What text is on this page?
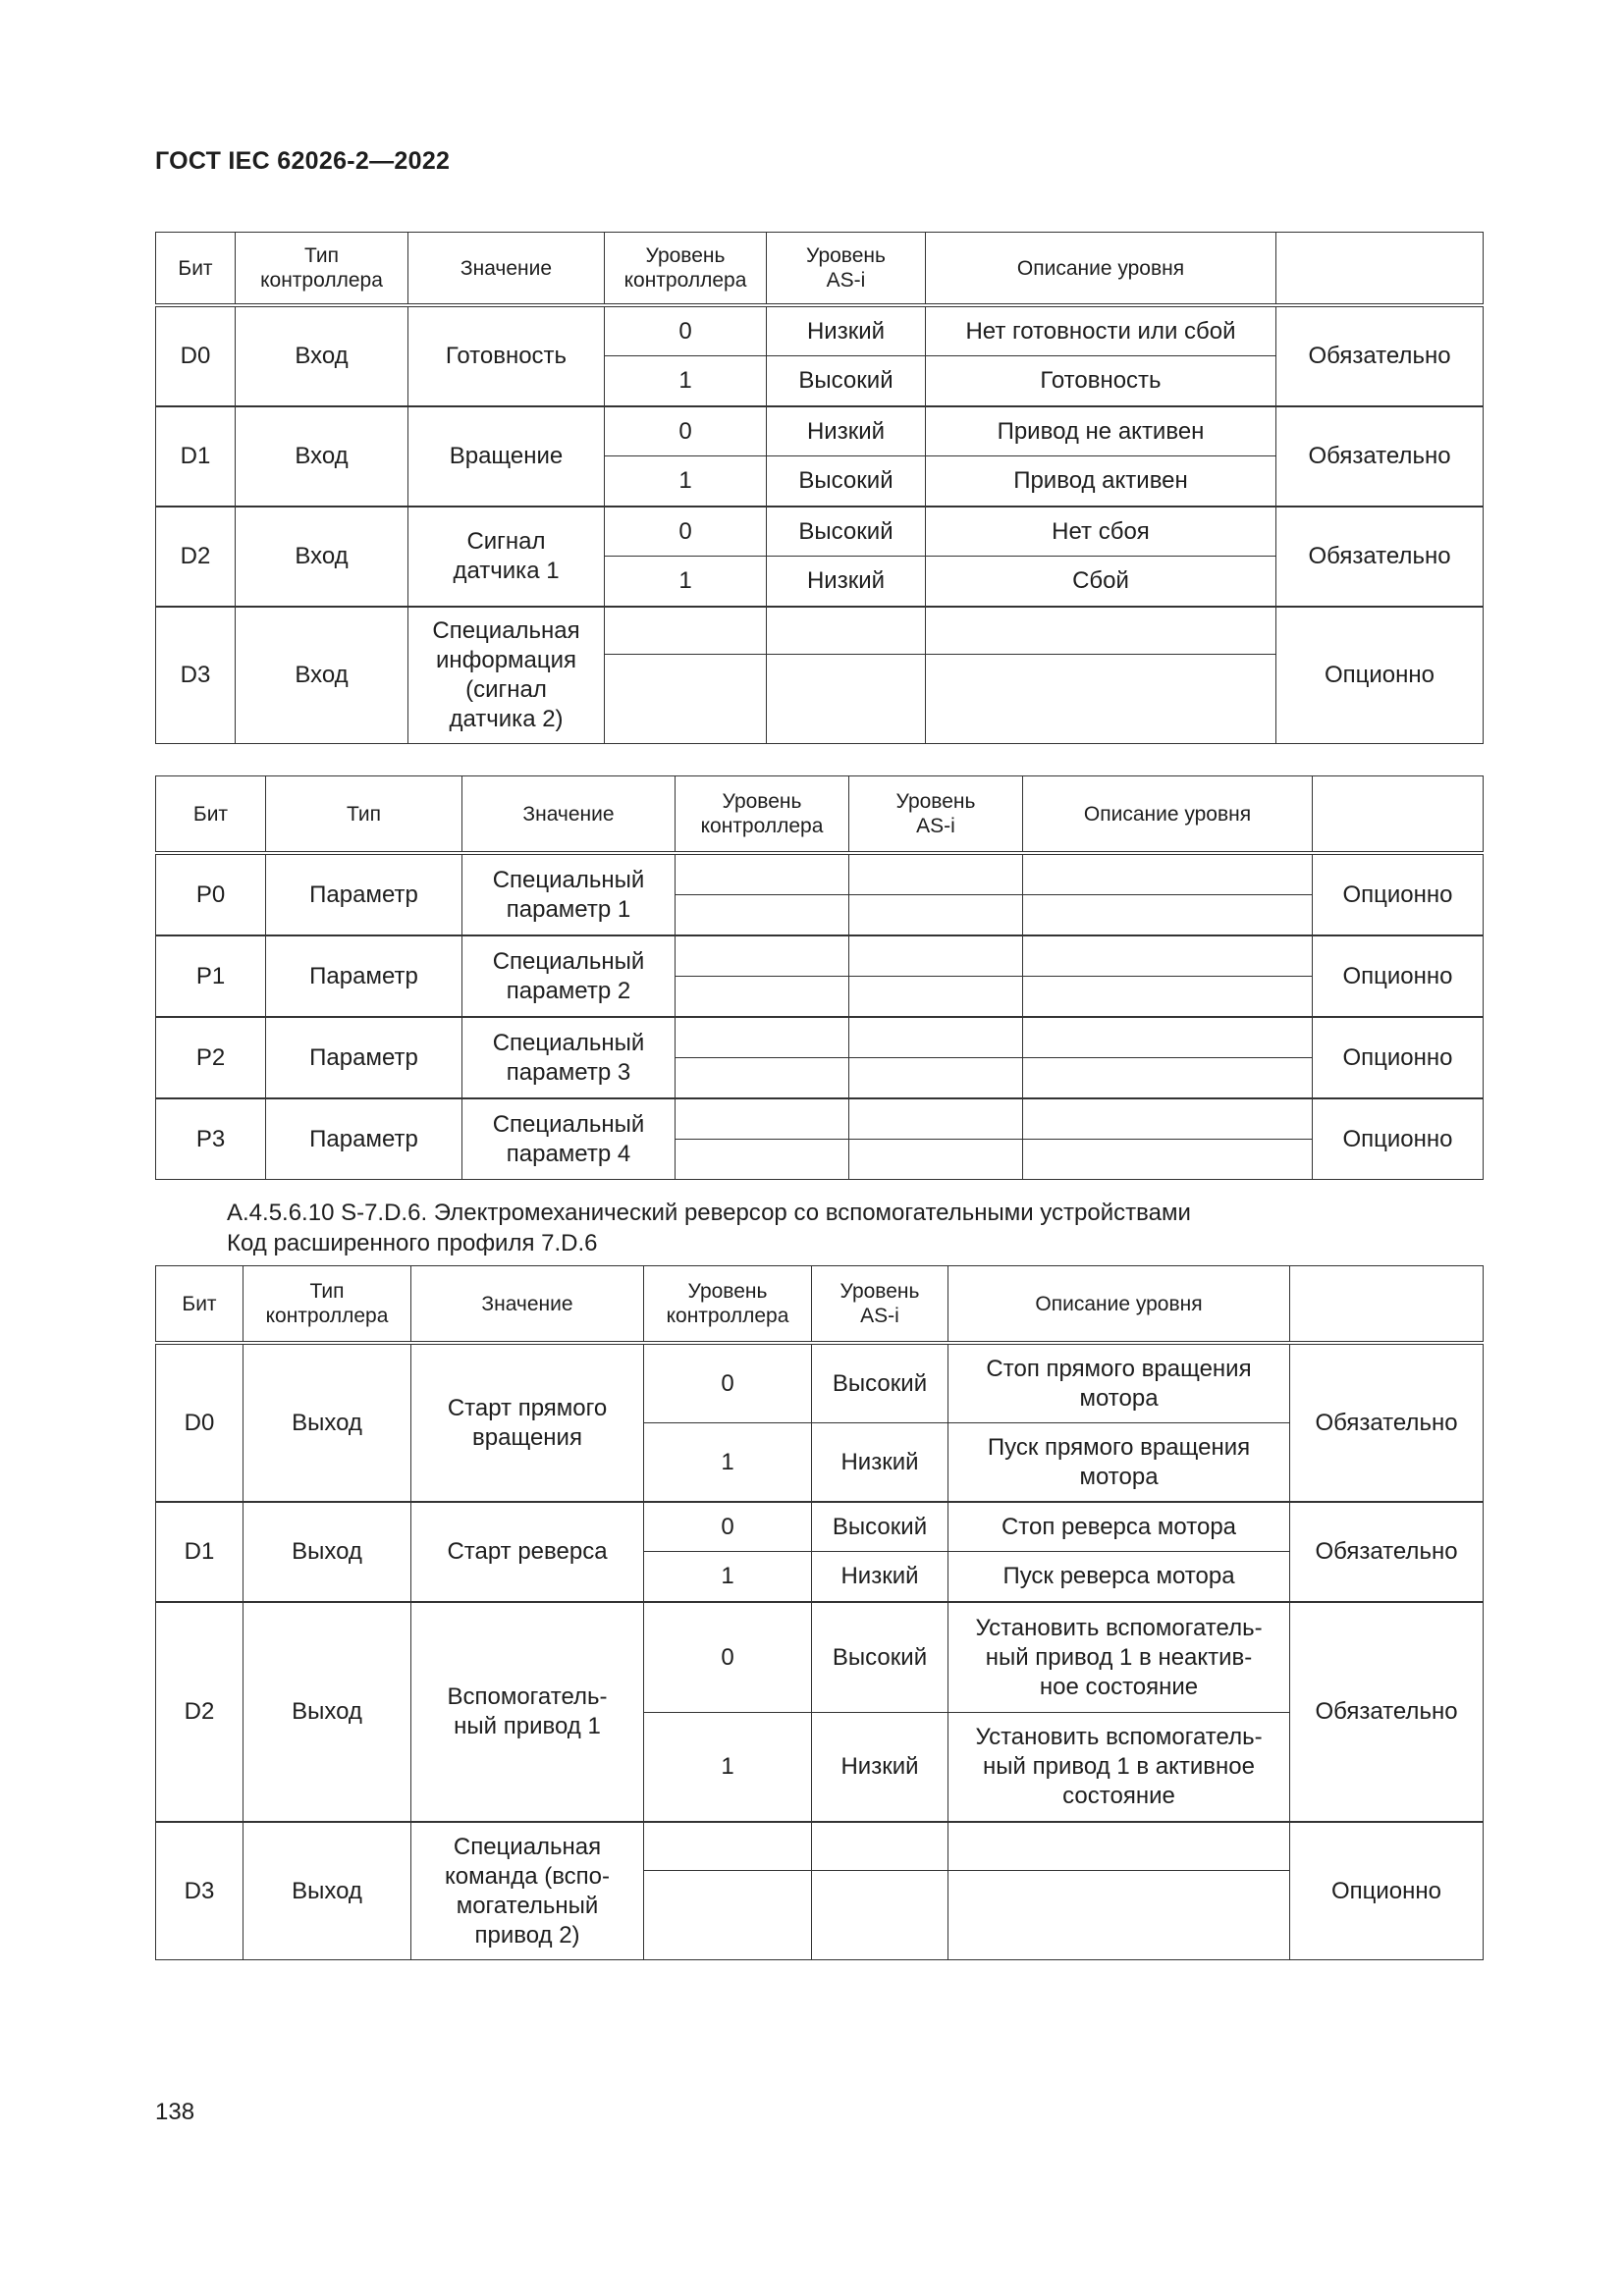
ГОСТ IEC 62026-2—2022
Бит	Тип
контроллера	Значение	Уровень
контроллера	Уровень
AS-i	Описание уровня	
D0	Вход	Готовность	0	Низкий	Нет готовности или сбой	Обязательно
			1	Высокий	Готовность	
D1	Вход	Вращение	0	Низкий	Привод не активен	Обязательно
			1	Высокий	Привод активен	
D2	Вход	Сигнал
датчика 1	0	Высокий	Нет сбоя	Обязательно
			1	Низкий	Сбой	
D3	Вход	Специальная
информация
(сигнал
датчика 2)				Опционно

Бит	Тип	Значение	Уровень
контроллера	Уровень
AS-i	Описание уровня	
P0	Параметр	Специальный
параметр 1				Опционно

P1	Параметр	Специальный
параметр 2				Опционно

P2	Параметр	Специальный
параметр 3				Опционно

P3	Параметр	Специальный
параметр 4				Опционно

А.4.5.6.10 S-7.D.6. Электромеханический реверсор со вспомогательными устройствами
Код расширенного профиля 7.D.6
Бит	Тип
контроллера	Значение	Уровень
контроллера	Уровень
AS-i	Описание уровня	
D0	Выход	Старт прямого
вращения	0	Высокий	Стоп прямого вращения
мотора	Обязательно
			1	Низкий	Пуск прямого вращения
мотора	
D1	Выход	Старт реверса	0	Высокий	Стоп реверса мотора	Обязательно
			1	Низкий	Пуск реверса мотора	
D2	Выход	Вспомогатель-
ный привод 1	0	Высокий	Установить вспомогатель-
ный привод 1 в неактив-
ное состояние	Обязательно
			1	Низкий	Установить вспомогатель-
ный привод 1 в активное
состояние	
D3	Выход	Специальная
команда (вспо-
могательный
привод 2)				Опционно

138
